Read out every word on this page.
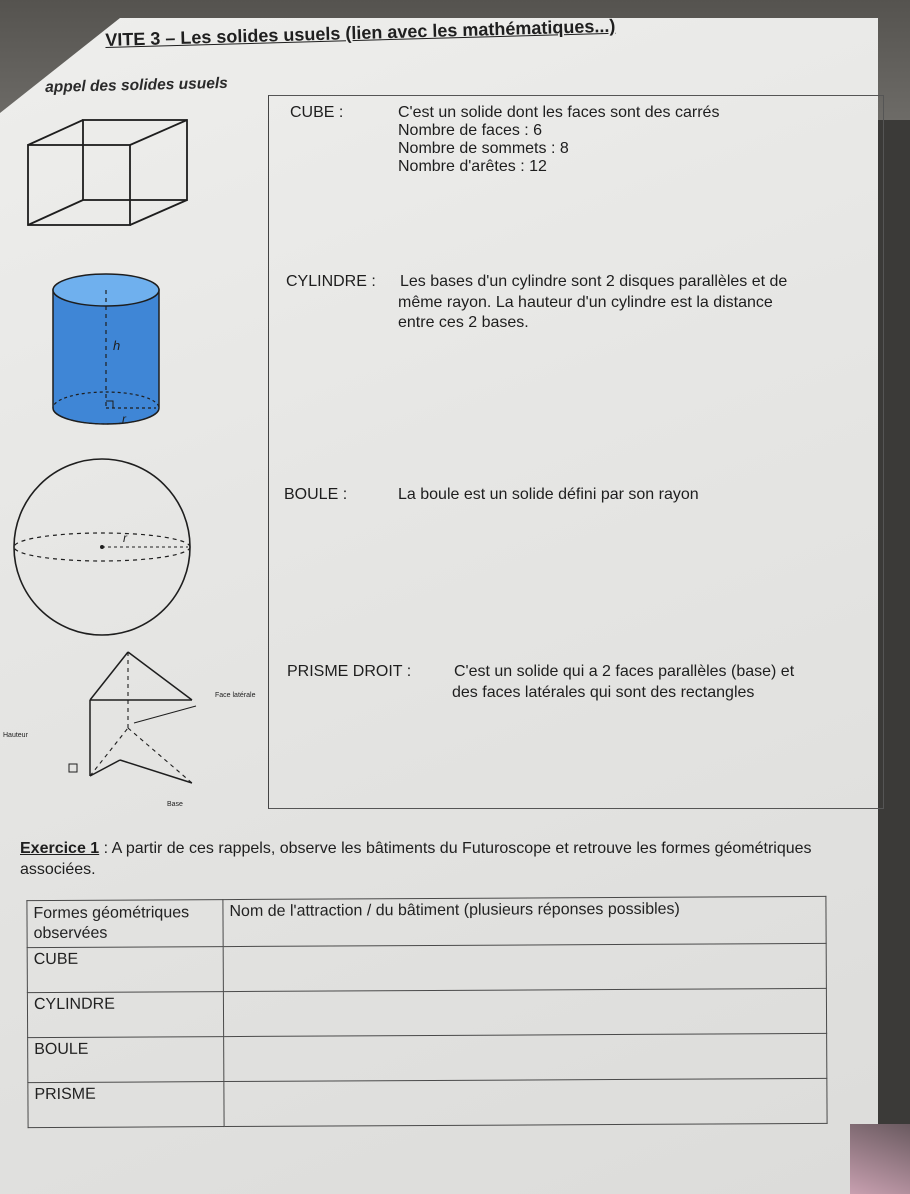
VITE 3 – Les solides usuels (lien avec les mathématiques...)

appel des solides usuels

CUBE :	C'est un solide dont les faces sont des carrés
Nombre de faces : 6
Nombre de sommets : 8
Nombre d'arêtes : 12
h
r
CYLINDRE : Les bases d'un cylindre sont 2 disques parallèles et de
même rayon. La hauteur d'un cylindre est la distance
entre ces 2 bases.
r
BOULE :	La boule est un solide défini par son rayon
Face latérale
Hauteur
Base
PRISME DROIT :	C'est un solide qui a 2 faces parallèles (base) et
des faces latérales qui sont des rectangles

Exercice 1 : A partir de ces rappels, observe les bâtiments du Futuroscope et retrouve les formes géométriques associées.

Formes géométriques observées	Nom de l'attraction / du bâtiment (plusieurs réponses possibles)
CUBE	
CYLINDRE	
BOULE	
PRISME	
